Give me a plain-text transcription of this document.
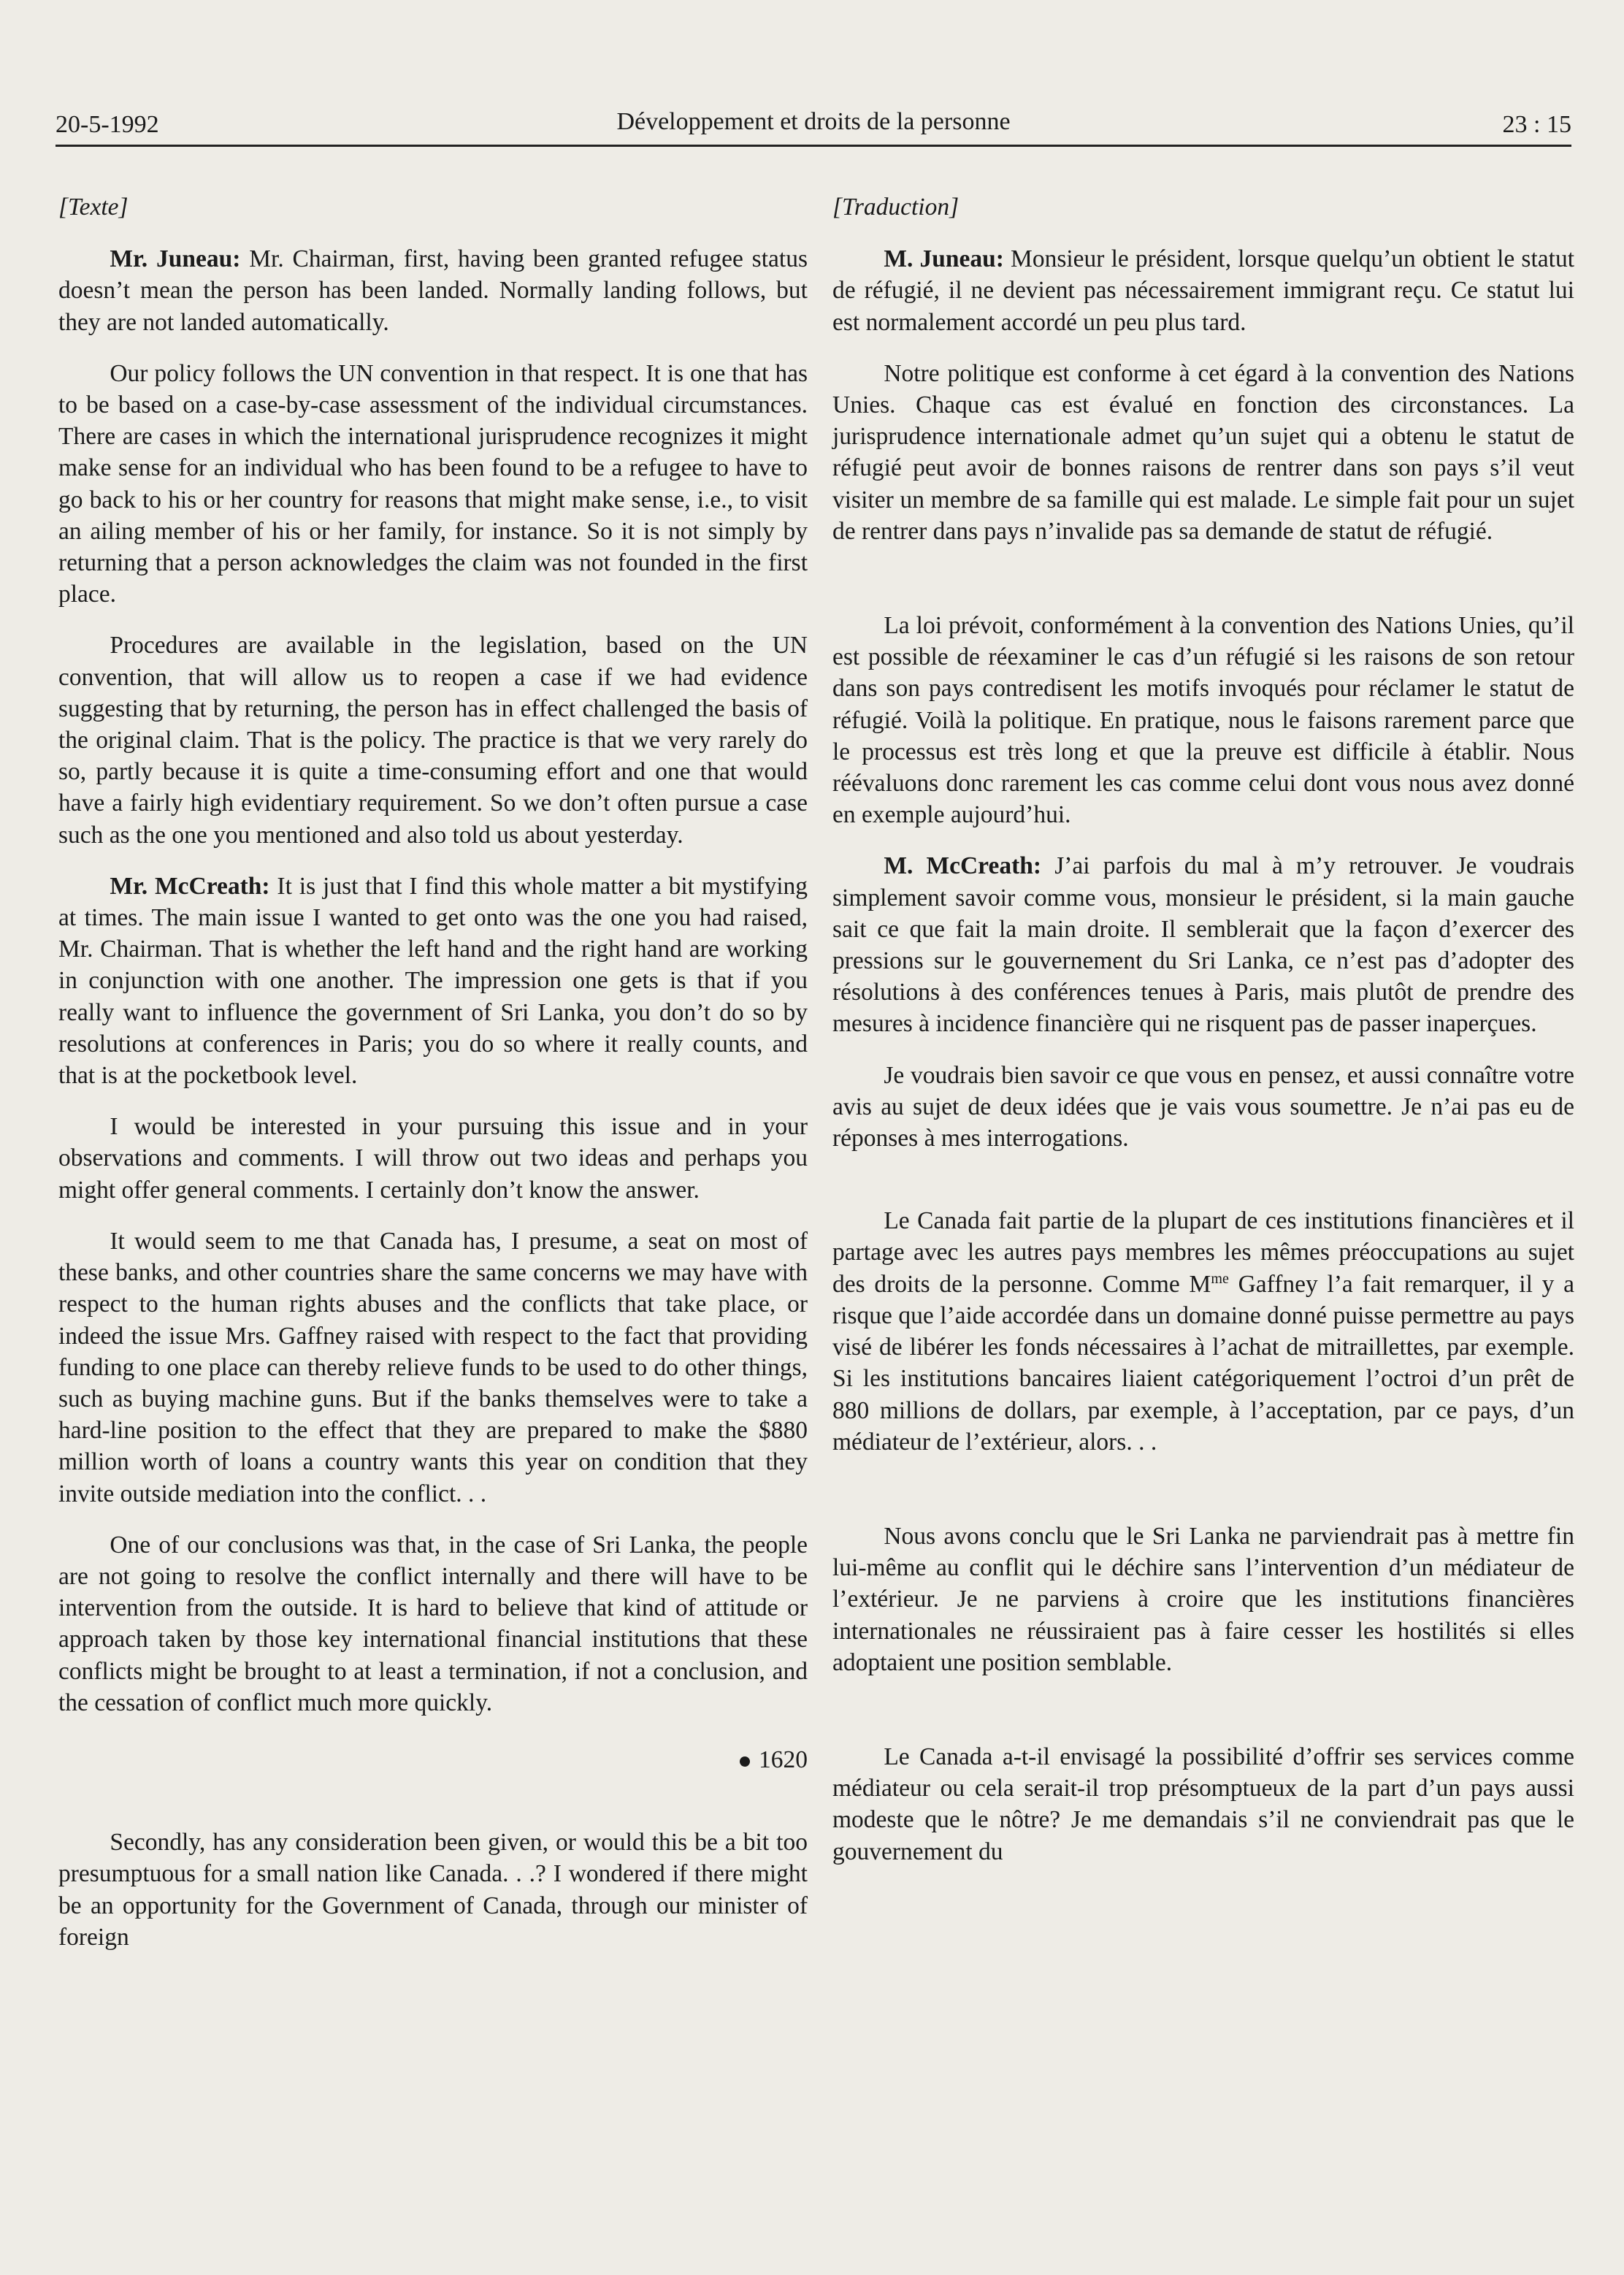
20-5-1992	Développement et droits de la personne	23 : 15

[Texte]

Mr. Juneau: Mr. Chairman, first, having been granted refugee status doesn’t mean the person has been landed. Normally landing follows, but they are not landed automatically.

Our policy follows the UN convention in that respect. It is one that has to be based on a case-by-case assessment of the individual circumstances. There are cases in which the international jurisprudence recognizes it might make sense for an individual who has been found to be a refugee to have to go back to his or her country for reasons that might make sense, i.e., to visit an ailing member of his or her family, for instance. So it is not simply by returning that a person acknowledges the claim was not founded in the first place.

Procedures are available in the legislation, based on the UN convention, that will allow us to reopen a case if we had evidence suggesting that by returning, the person has in effect challenged the basis of the original claim. That is the policy. The practice is that we very rarely do so, partly because it is quite a time-consuming effort and one that would have a fairly high evidentiary requirement. So we don’t often pursue a case such as the one you mentioned and also told us about yesterday.

Mr. McCreath: It is just that I find this whole matter a bit mystifying at times. The main issue I wanted to get onto was the one you had raised, Mr. Chairman. That is whether the left hand and the right hand are working in conjunction with one another. The impression one gets is that if you really want to influence the government of Sri Lanka, you don’t do so by resolutions at conferences in Paris; you do so where it really counts, and that is at the pocketbook level.

I would be interested in your pursuing this issue and in your observations and comments. I will throw out two ideas and perhaps you might offer general comments. I certainly don’t know the answer.

It would seem to me that Canada has, I presume, a seat on most of these banks, and other countries share the same concerns we may have with respect to the human rights abuses and the conflicts that take place, or indeed the issue Mrs. Gaffney raised with respect to the fact that providing funding to one place can thereby relieve funds to be used to do other things, such as buying machine guns. But if the banks themselves were to take a hard-line position to the effect that they are prepared to make the $880 million worth of loans a country wants this year on condition that they invite outside mediation into the conflict. . .

One of our conclusions was that, in the case of Sri Lanka, the people are not going to resolve the conflict internally and there will have to be intervention from the outside. It is hard to believe that kind of attitude or approach taken by those key international financial institutions that these conflicts might be brought to at least a termination, if not a conclusion, and the cessation of conflict much more quickly.

1620

Secondly, has any consideration been given, or would this be a bit too presumptuous for a small nation like Canada. . .? I wondered if there might be an opportunity for the Government of Canada, through our minister of foreign

[Traduction]

M. Juneau: Monsieur le président, lorsque quelqu’un obtient le statut de réfugié, il ne devient pas nécessairement immigrant reçu. Ce statut lui est normalement accordé un peu plus tard.

Notre politique est conforme à cet égard à la convention des Nations Unies. Chaque cas est évalué en fonction des circonstances. La jurisprudence internationale admet qu’un sujet qui a obtenu le statut de réfugié peut avoir de bonnes raisons de rentrer dans son pays s’il veut visiter un membre de sa famille qui est malade. Le simple fait pour un sujet de rentrer dans pays n’invalide pas sa demande de statut de réfugié.

La loi prévoit, conformément à la convention des Nations Unies, qu’il est possible de réexaminer le cas d’un réfugié si les raisons de son retour dans son pays contredisent les motifs invoqués pour réclamer le statut de réfugié. Voilà la politique. En pratique, nous le faisons rarement parce que le processus est très long et que la preuve est difficile à établir. Nous réévaluons donc rarement les cas comme celui dont vous nous avez donné en exemple aujourd’hui.

M. McCreath: J’ai parfois du mal à m’y retrouver. Je voudrais simplement savoir comme vous, monsieur le président, si la main gauche sait ce que fait la main droite. Il semblerait que la façon d’exercer des pressions sur le gouvernement du Sri Lanka, ce n’est pas d’adopter des résolutions à des conférences tenues à Paris, mais plutôt de prendre des mesures à incidence financière qui ne risquent pas de passer inaperçues.

Je voudrais bien savoir ce que vous en pensez, et aussi connaître votre avis au sujet de deux idées que je vais vous soumettre. Je n’ai pas eu de réponses à mes interrogations.

Le Canada fait partie de la plupart de ces institutions financières et il partage avec les autres pays membres les mêmes préoccupations au sujet des droits de la personne. Comme $M^{me}$ Gaffney l’a fait remarquer, il y a risque que l’aide accordée dans un domaine donné puisse permettre au pays visé de libérer les fonds nécessaires à l’achat de mitraillettes, par exemple. Si les institutions bancaires liaient catégoriquement l’octroi d’un prêt de 880 millions de dollars, par exemple, à l’acceptation, par ce pays, d’un médiateur de l’extérieur, alors. . .

Nous avons conclu que le Sri Lanka ne parviendrait pas à mettre fin lui-même au conflit qui le déchire sans l’intervention d’un médiateur de l’extérieur. Je ne parviens à croire que les institutions financières internationales ne réussiraient pas à faire cesser les hostilités si elles adoptaient une position semblable.

Le Canada a-t-il envisagé la possibilité d’offrir ses services comme médiateur ou cela serait-il trop présomptueux de la part d’un pays aussi modeste que le nôtre? Je me demandais s’il ne conviendrait pas que le gouvernement du
